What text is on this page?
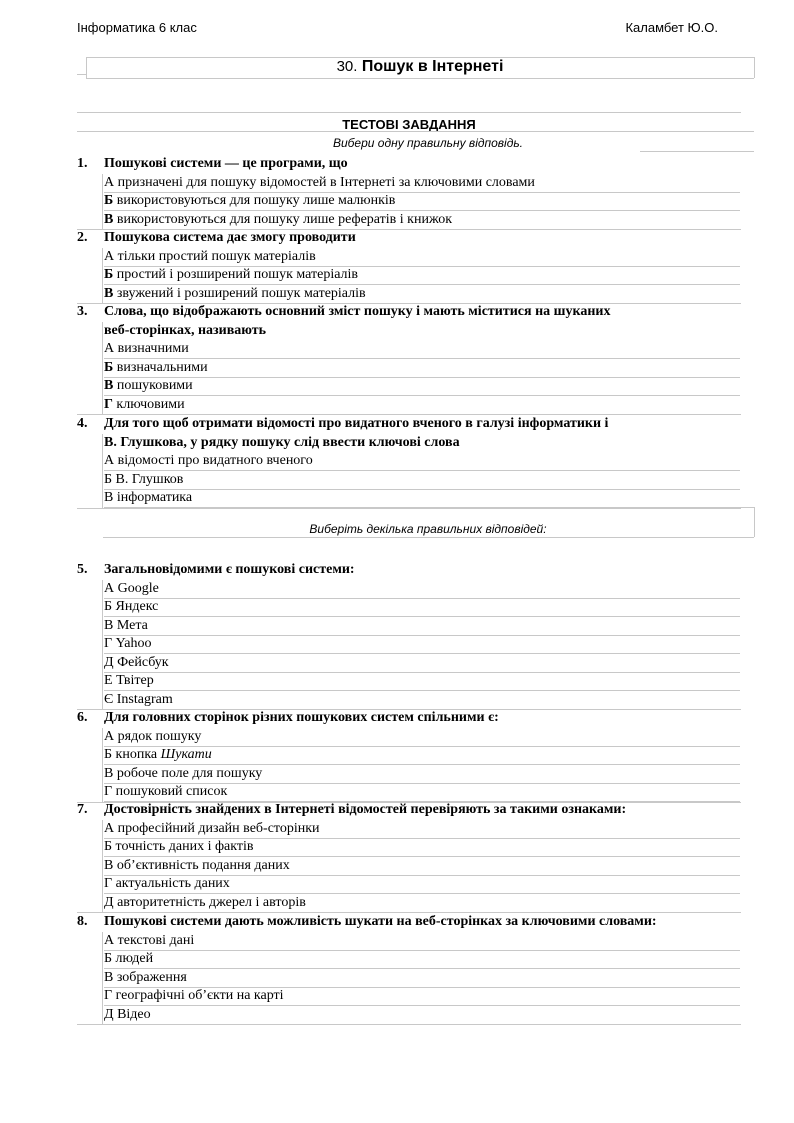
Інформатика 6 клас	Каламбет Ю.О.
30. Пошук в Інтернеті
ТЕСТОВІ ЗАВДАННЯ
Вибери одну правильну відповідь.
1. Пошукові системи — це програми, що
А призначені для пошуку відомостей в Інтернеті за ключовими словами
Б використовуються для пошуку лише малюнків
В використовуються для пошуку лише рефератів і книжок
2. Пошукова система дає змогу проводити
А тільки простий пошук матеріалів
Б простий і розширений пошук матеріалів
В звужений і розширений пошук матеріалів
3. Слова, що відображають основний зміст пошуку і мають міститися на шуканих
веб-сторінках, називають
А визначними
Б визначальними
В пошуковими
Г ключовими
4. Для того щоб отримати відомості про видатного вченого в галузі інформатики і
В. Глушкова, у рядку пошуку слід ввести ключові слова
А відомості про видатного вченого
Б В. Глушков
В інформатика
5. Загальновідомими є пошукові системи:
А Google
Б Яндекс
В Мета
Г Yahoo
Д Фейсбук
Е Твітер
Є Instagram
6. Для головних сторінок різних пошукових систем спільними є:
А рядок пошуку
Б кнопка Шукати
В робоче поле для пошуку
Г пошуковий список
7. Достовірність знайдених в Інтернеті відомостей перевіряють за такими ознаками:
А професійний дизайн веб-сторінки
Б точність даних і фактів
В об’єктивність подання даних
Г актуальність даних
Д авторитетність джерел і авторів
8. Пошукові системи дають можливість шукати на веб-сторінках за ключовими словами:
А текстові дані
Б людей
В зображення
Г географічні об’єкти на карті
Д Відео
Виберіть декілька правильних відповідей:
